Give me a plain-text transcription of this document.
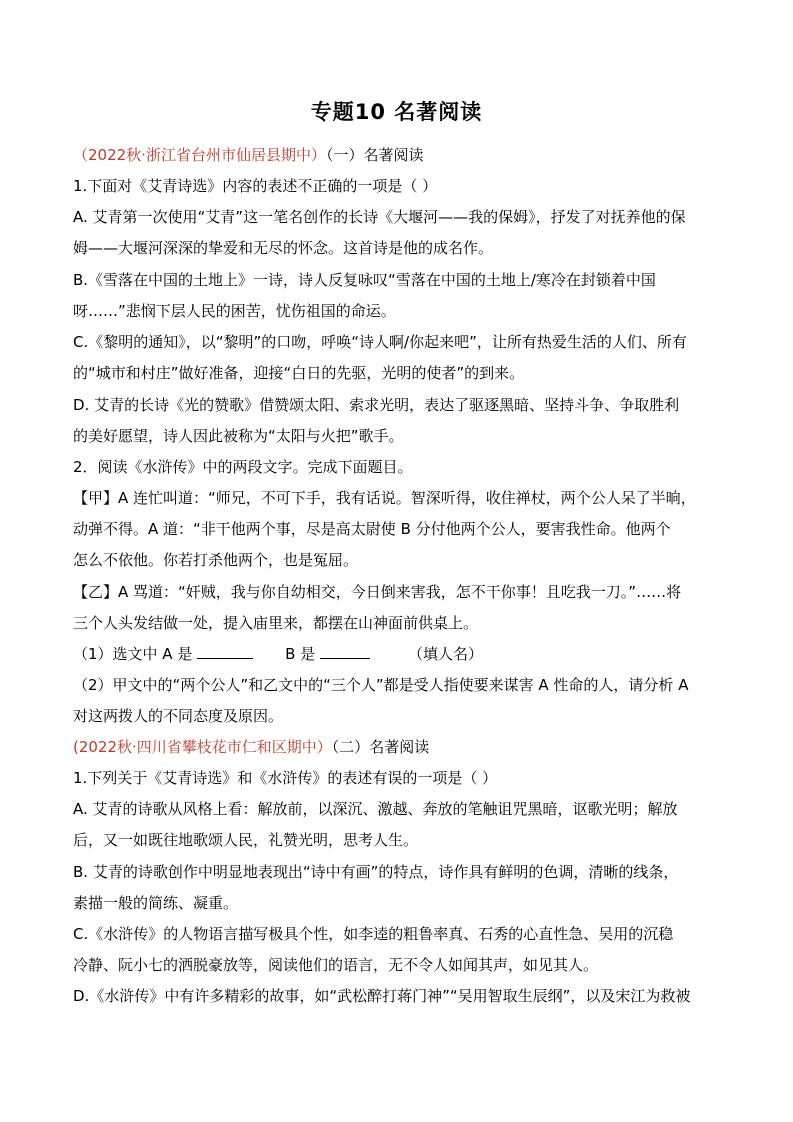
专题10 名著阅读
（2022秋·浙江省台州市仙居县期中）（一）名著阅读
1.下面对《艾青诗选》内容的表述不正确的一项是（ ）
A. 艾青第一次使用“艾青”这一笔名创作的长诗《大堰河——我的保姆》，抒发了对抚养他的保
姆——大堰河深深的挚爱和无尽的怀念。这首诗是他的成名作。
B.《雪落在中国的土地上》一诗，诗人反复咏叹“雪落在中国的土地上/寒冷在封锁着中国
呀……”悲悯下层人民的困苦，忧伤祖国的命运。
C.《黎明的通知》，以“黎明”的口吻，呼唤“诗人啊/你起来吧”，让所有热爱生活的人们、所有
的“城市和村庄”做好准备，迎接“白日的先驱，光明的使者”的到来。
D. 艾青的长诗《光的赞歌》借赞颂太阳、索求光明，表达了驱逐黑暗、坚持斗争、争取胜利
的美好愿望，诗人因此被称为“太阳与火把”歌手。
2．阅读《水浒传》中的两段文字。完成下面题目。
【甲】A 连忙叫道：“师兄，不可下手，我有话说。智深听得，收住禅杖，两个公人呆了半晌，
动弹不得。A 道：“非干他两个事，尽是高太尉使 B 分付他两个公人，要害我性命。他两个
怎么不依他。你若打杀他两个，也是冤屈。
【乙】A 骂道：“奸贼，我与你自幼相交，今日倒来害我，怎不干你事！且吃我一刀。”……将
三个人头发结做一处，提入庙里来，都摆在山神面前供桌上。
（1）选文中 A 是	B 是	（填人名）
（2）甲文中的“两个公人”和乙文中的“三个人”都是受人指使要来谋害 A 性命的人，请分析 A
对这两拨人的不同态度及原因。
(2022秋·四川省攀枝花市仁和区期中）（二）名著阅读
1.下列关于《艾青诗选》和《水浒传》的表述有误的一项是（ ）
A. 艾青的诗歌从风格上看：解放前，以深沉、激越、奔放的笔触诅咒黑暗，讴歌光明；解放
后，又一如既往地歌颂人民，礼赞光明，思考人生。
B. 艾青的诗歌创作中明显地表现出“诗中有画”的特点，诗作具有鲜明的色调，清晰的线条，
素描一般的简练、凝重。
C.《水浒传》的人物语言描写极具个性，如李逵的粗鲁率真、石秀的心直性急、吴用的沉稳
冷静、阮小七的洒脱豪放等，阅读他们的语言，无不令人如闻其声，如见其人。
D.《水浒传》中有许多精彩的故事，如“武松醉打蒋门神”“吴用智取生辰纲”，以及宋江为救被
